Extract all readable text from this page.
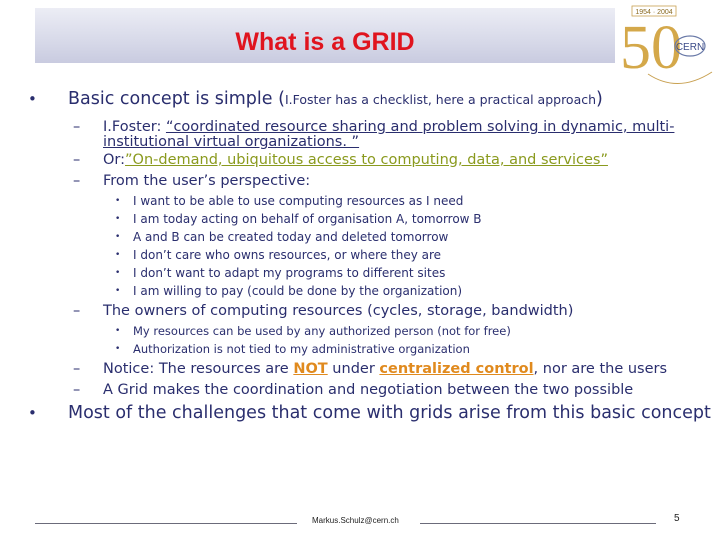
What is a GRID
1954 · 2004
50
CERN
• Basic concept is simple (I.Foster has a checklist, here a practical approach)
– I.Foster: “coordinated resource sharing and problem solving in dynamic, multi-
institutional virtual organizations. ”
– Or:”On-demand, ubiquitous access to computing, data, and services”
– From the user’s perspective:
• I want to be able to use computing resources as I need
• I am today acting on behalf of organisation A, tomorrow B
• A and B can be created today and deleted tomorrow
• I don’t care who owns resources, or where they are
• I don’t want to adapt my programs to different sites
• I am willing to pay (could be done by the organization)
– The owners of computing resources (cycles, storage, bandwidth)
• My resources can be used by any authorized person (not for free)
• Authorization is not tied to my administrative organization
– Notice: The resources are NOT under centralized control, nor are the users
– A Grid makes the coordination and negotiation between the two possible
• Most of the challenges that come with grids arise from this basic concept
Markus.Schulz@cern.ch	5
